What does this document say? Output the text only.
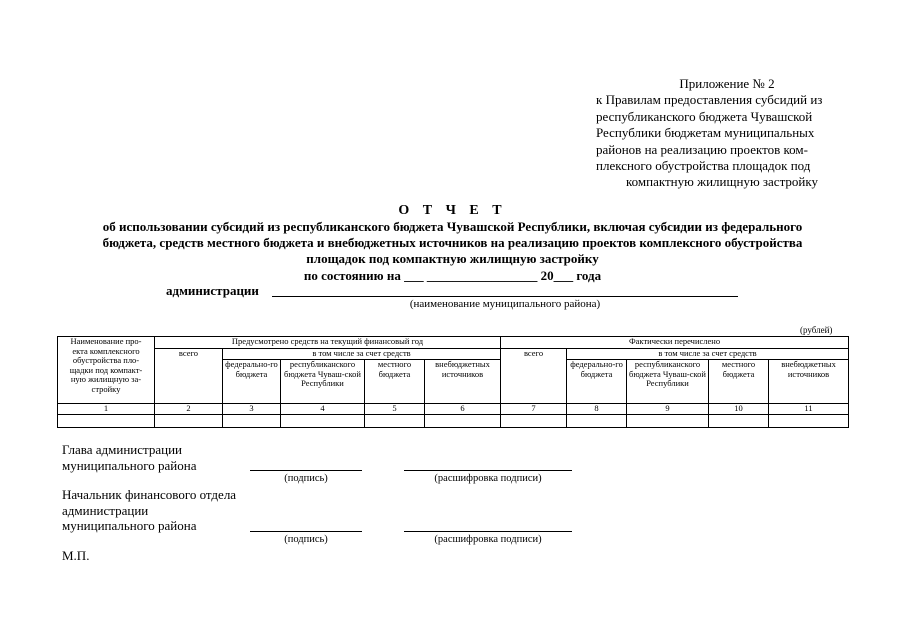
Приложение № 2
к Правилам предоставления субсидий из
республиканского бюджета Чувашской
Республики бюджетам муниципальных
районов на реализацию проектов ком-
плексного обустройства площадок под
компактную жилищную застройку
О Т Ч Е Т
об использовании субсидий из республиканского бюджета Чувашской Республики, включая субсидии из федерального
бюджета, средств местного бюджета и внебюджетных источников на реализацию проектов комплексного обустройства
площадок под компактную жилищную застройку
по состоянию на ___ _________________ 20___ года
администрации
(наименование муниципального района)
(рублей)
Наименование про-екта комплексного обустройства пло-щадки под компакт-ную жилищную за-стройку	Предусмотрено средств на текущий финансовый год					Фактически перечислено				
	всего	в том числе за счет средств				всего	в том числе за счет средств			
		федерально-го бюджета	республиканского бюджета Чуваш-ской Республики	местного бюджета	внебюджетных источников		федерально-го бюджета	республиканского бюджета Чуваш-ской Республики	местного бюджета	внебюджетных источников
1	2	3	4	5	6	7	8	9	10	11

Глава администрации
муниципального района
(подпись)	(расшифровка подписи)
Начальник финансового отдела
администрации
муниципального района
(подпись)	(расшифровка подписи)
М.П.
